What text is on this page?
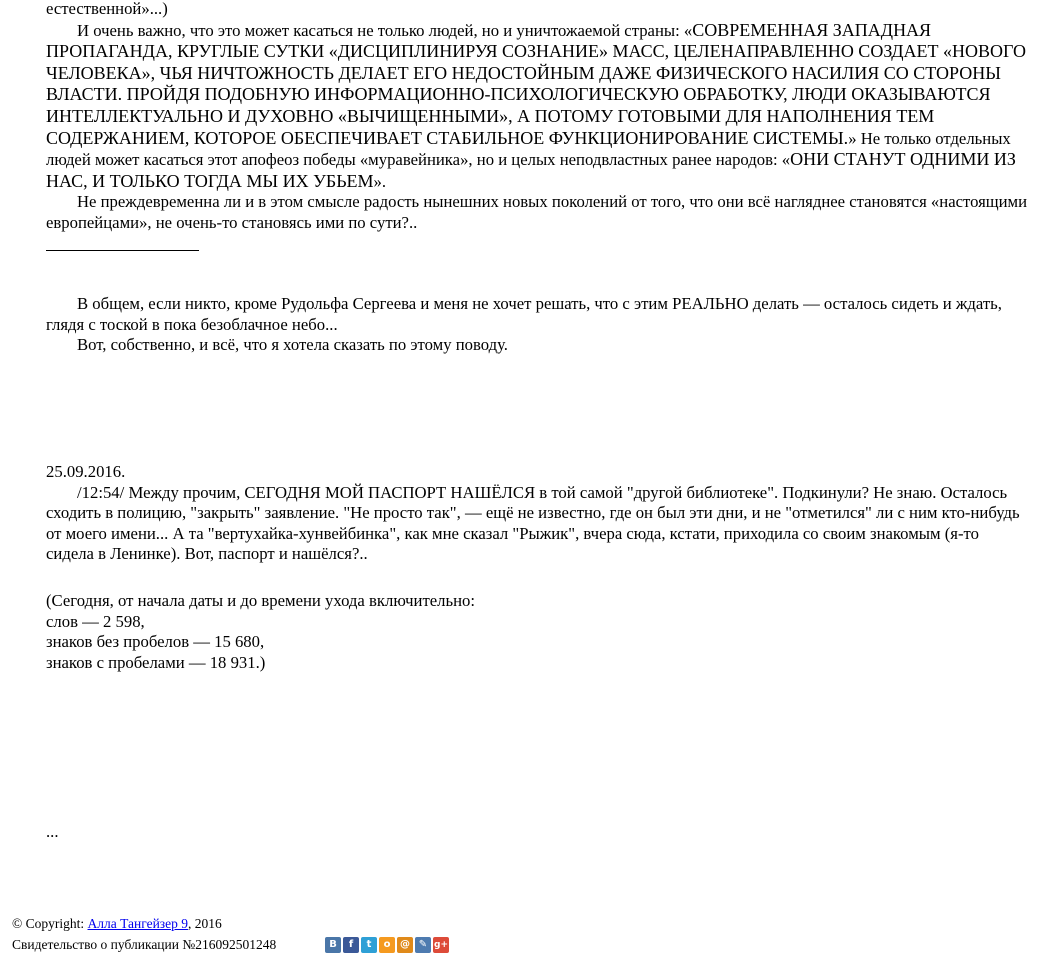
естественной»...)

И очень важно, что это может касаться не только людей, но и уничтожаемой страны: «СОВРЕМЕННАЯ ЗАПАДНАЯ ПРОПАГАНДА, КРУГЛЫЕ СУТКИ «ДИСЦИПЛИНИРУЯ СОЗНАНИЕ» МАСС, ЦЕЛЕНАПРАВЛЕННО СОЗДАЕТ «НОВОГО ЧЕЛОВЕКА», ЧЬЯ НИЧТОЖНОСТЬ ДЕЛАЕТ ЕГО НЕДОСТОЙНЫМ ДАЖЕ ФИЗИЧЕСКОГО НАСИЛИЯ СО СТОРОНЫ ВЛАСТИ. ПРОЙДЯ ПОДОБНУЮ ИНФОРМАЦИОННО-ПСИХОЛОГИЧЕСКУЮ ОБРАБОТКУ, ЛЮДИ ОКАЗЫВАЮТСЯ ИНТЕЛЛЕКТУАЛЬНО И ДУХОВНО «ВЫЧИЩЕННЫМИ», А ПОТОМУ ГОТОВЫМИ ДЛЯ НАПОЛНЕНИЯ ТЕМ СОДЕРЖАНИЕМ, КОТОРОЕ ОБЕСПЕЧИВАЕТ СТАБИЛЬНОЕ ФУНКЦИОНИРОВАНИЕ СИСТЕМЫ.» Не только отдельных людей может касаться этот апофеоз победы «муравейника», но и целых неподвластных ранее народов: «ОНИ СТАНУТ ОДНИМИ ИЗ НАС, И ТОЛЬКО ТОГДА МЫ ИХ УБЬЕМ».

Не преждевременна ли и в этом смысле радость нынешних новых поколений от того, что они всё нагляднее становятся «настоящими европейцами», не очень-то становясь ими по сути?..

В общем, если никто, кроме Рудольфа Сергеева и меня не хочет решать, что с этим РЕАЛЬНО делать — осталось сидеть и ждать, глядя с тоской в пока безоблачное небо...

Вот, собственно, и всё, что я хотела сказать по этому поводу.

25.09.2016.

/12:54/ Между прочим, СЕГОДНЯ МОЙ ПАСПОРТ НАШЁЛСЯ в той самой "другой библиотеке". Подкинули? Не знаю. Осталось сходить в полицию, "закрыть" заявление. "Не просто так", — ещё не известно, где он был эти дни, и не "отметился" ли с ним кто-нибудь от моего имени... А та "вертухайка-хунвейбинка", как мне сказал "Рыжик", вчера сюда, кстати, приходила со своим знакомым (я-то сидела в Ленинке). Вот, паспорт и нашёлся?..

(Сегодня, от начала даты и до времени ухода включительно:

слов — 2 598,

знаков без пробелов — 15 680,

знаков с пробелами — 18 931.)

...
© Copyright: Алла Тангейзер 9, 2016
Свидетельство о публикации №216092501248	В	f	t	о @ ✎ g+
